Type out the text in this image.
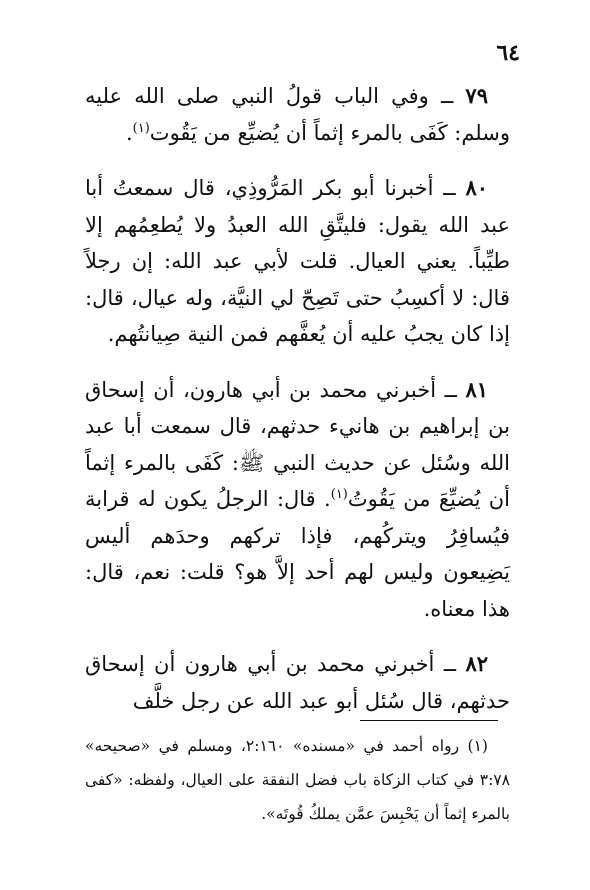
٦٤

٧٩ ــ وفي الباب قولُ النبي صلى الله عليه وسلم: كَفَى بالمرء إثماً أن يُضيِّع من يَقُوت$^{(١)}$.

٨٠ ــ أخبرنا أبو بكر المَرُّوذِي، قال سمعتُ أبا عبد الله يقول: فليتَّقِ الله العبدُ ولا يُطعِمُهم إلا طيِّباً. يعني العيال. قلت لأبي عبد الله: إن رجلاً قال: لا أكسِبُ حتى تَصِحّ لي النيَّة، وله عيال، قال: إذا كان يجبُ عليه أن يُعفَّهم فمن النية صِيانتُهم.

٨١ ــ أخبرني محمد بن أبي هارون، أن إسحاق بن إبراهيم بن هانيء حدثهم، قال سمعت أبا عبد الله وسُئل عن حديث النبي ﷺ: كَفَى بالمرء إثماً أن يُضيِّعَ من يَقُوتُ$^{(١)}$. قال: الرجلُ يكون له قرابة فيُسافِرُ ويتركُهم، فإذا تركهم وحدَهم أليس يَضِيعون وليس لهم أحد إلاَّ هو؟ قلت: نعم، قال: هذا معناه.

٨٢ ــ أخبرني محمد بن أبي هارون أن إسحاق حدثهم، قال سُئل أبو عبد الله عن رجل خلَّف

(١) رواه أحمد في «مسنده» ٢:١٦٠، ومسلم في «صحيحه» ٣:٧٨ في كتاب الزكاة باب فضل النفقة على العيال، ولفظه: «كفى بالمرء إثماً أن يَحْبِسَ عمَّن يملكُ قُوتَه».
